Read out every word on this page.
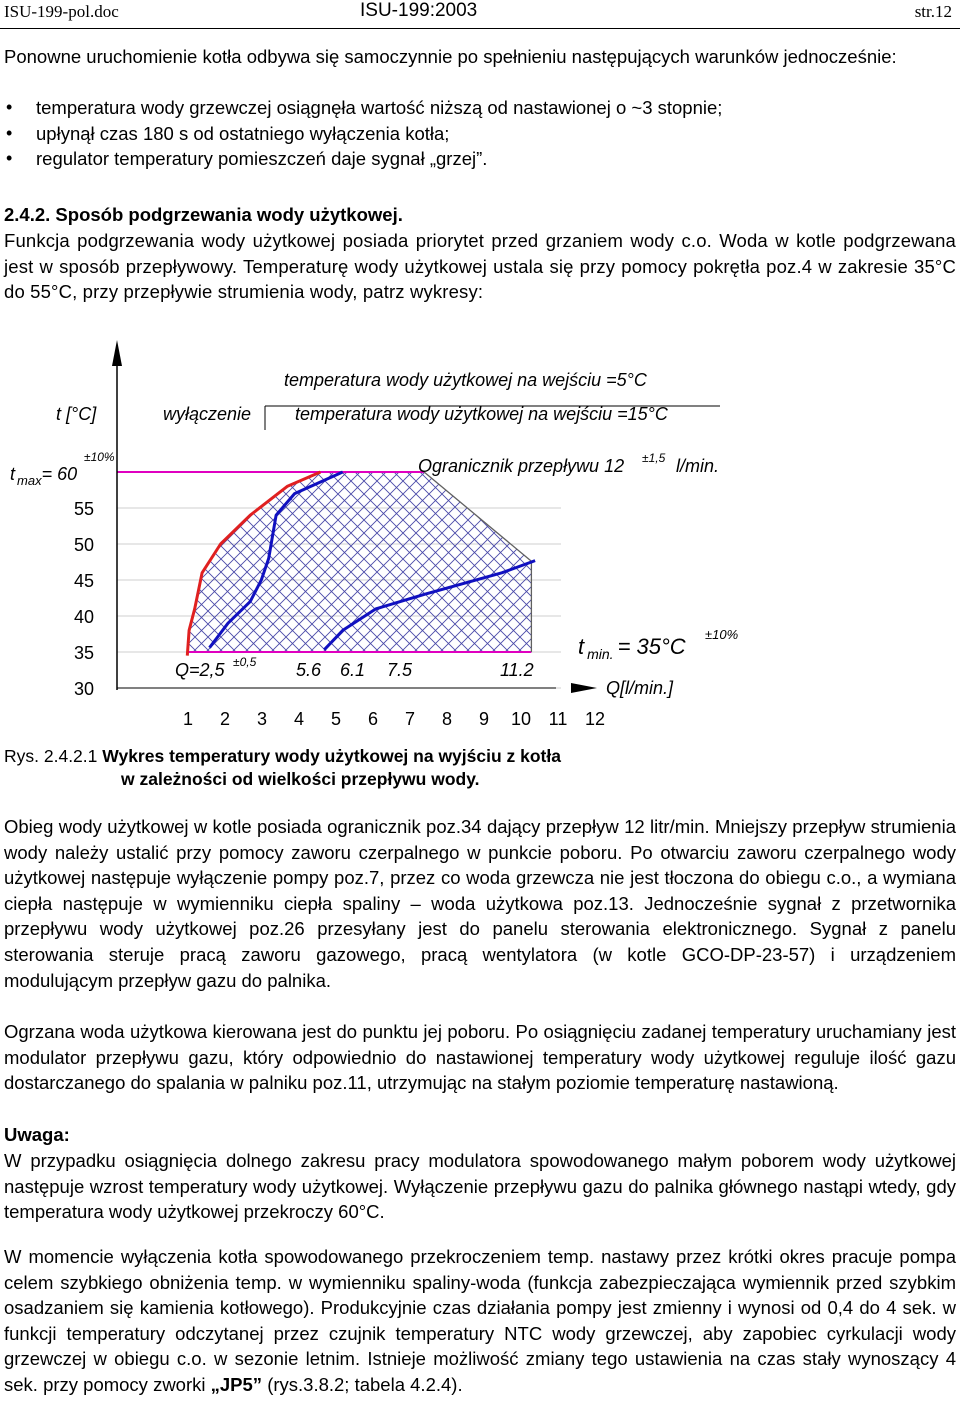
ISU-199-pol.doc	ISU-199:2003	str.12
Ponowne uruchomienie kotła odbywa się samoczynnie po spełnieniu następujących warunków jednocześnie:
• temperatura wody grzewczej osiągnęła wartość niższą od nastawionej o ~3 stopnie;
• upłynął czas 180 s od ostatniego wyłączenia kotła;
• regulator temperatury pomieszczeń daje sygnał „grzej”.
2.4.2. Sposób podgrzewania wody użytkowej.
Funkcja podgrzewania wody użytkowej posiada priorytet przed grzaniem wody c.o. Woda w kotle podgrzewana jest w sposób przepływowy. Temperaturę wody użytkowej ustala się przy pomocy pokrętła poz.4 w zakresie 35°C do 55°C, przy przepływie strumienia wody, patrz wykresy:
1 2 3 4 5 6 7 8 9 10 11 12
30
35
40
45
50
55
t $_{max}$= 60
±10%
t [°C]	wyłączenie
temperatura wody użytkowej na wejściu =5°C
temperatura wody użytkowej na wejściu =15°C
Ogranicznik przepływu 12 ±1,5 l/min.
Q=2,5 ±0,5 5.6 6.1 7.5	11.2
t $_{min.}$ = 35°C ±10%
Q[l/min.]
Rys. 2.4.2.1 Wykres temperatury wody użytkowej na wyjściu z kotła
w zależności od wielkości przepływu wody.
Obieg wody użytkowej w kotle posiada ogranicznik poz.34 dający przepływ 12 litr/min. Mniejszy przepływ strumienia wody należy ustalić przy pomocy zaworu czerpalnego w punkcie poboru. Po otwarciu zaworu czerpalnego wody użytkowej następuje wyłączenie pompy poz.7, przez co woda grzewcza nie jest tłoczona do obiegu c.o., a wymiana ciepła następuje w wymienniku ciepła spaliny – woda użytkowa poz.13. Jednocześnie sygnał z przetwornika przepływu wody użytkowej poz.26 przesyłany jest do panelu sterowania elektronicznego. Sygnał z panelu sterowania steruje pracą zaworu gazowego, pracą wentylatora (w kotle GCO-DP-23-57) i urządzeniem modulującym przepływ gazu do palnika.
Ogrzana woda użytkowa kierowana jest do punktu jej poboru. Po osiągnięciu zadanej temperatury uruchamiany jest modulator przepływu gazu, który odpowiednio do nastawionej temperatury wody użytkowej reguluje ilość gazu dostarczanego do spalania w palniku poz.11, utrzymując na stałym poziomie temperaturę nastawioną.
Uwaga:
W przypadku osiągnięcia dolnego zakresu pracy modulatora spowodowanego małym poborem wody użytkowej następuje wzrost temperatury wody użytkowej. Wyłączenie przepływu gazu do palnika głównego nastąpi wtedy, gdy temperatura wody użytkowej przekroczy 60°C.
W momencie wyłączenia kotła spowodowanego przekroczeniem temp. nastawy przez krótki okres pracuje pompa celem szybkiego obniżenia temp. w wymienniku spaliny-woda (funkcja zabezpieczająca wymiennik przed szybkim osadzaniem się kamienia kotłowego). Produkcyjnie czas działania pompy jest zmienny i wynosi od 0,4 do 4 sek. w funkcji temperatury odczytanej przez czujnik temperatury NTC wody grzewczej, aby zapobiec cyrkulacji wody grzewczej w obiegu c.o. w sezonie letnim. Istnieje możliwość zmiany tego ustawienia na czas stały wynoszący 4 sek. przy pomocy zworki „JP5” (rys.3.8.2; tabela 4.2.4).
